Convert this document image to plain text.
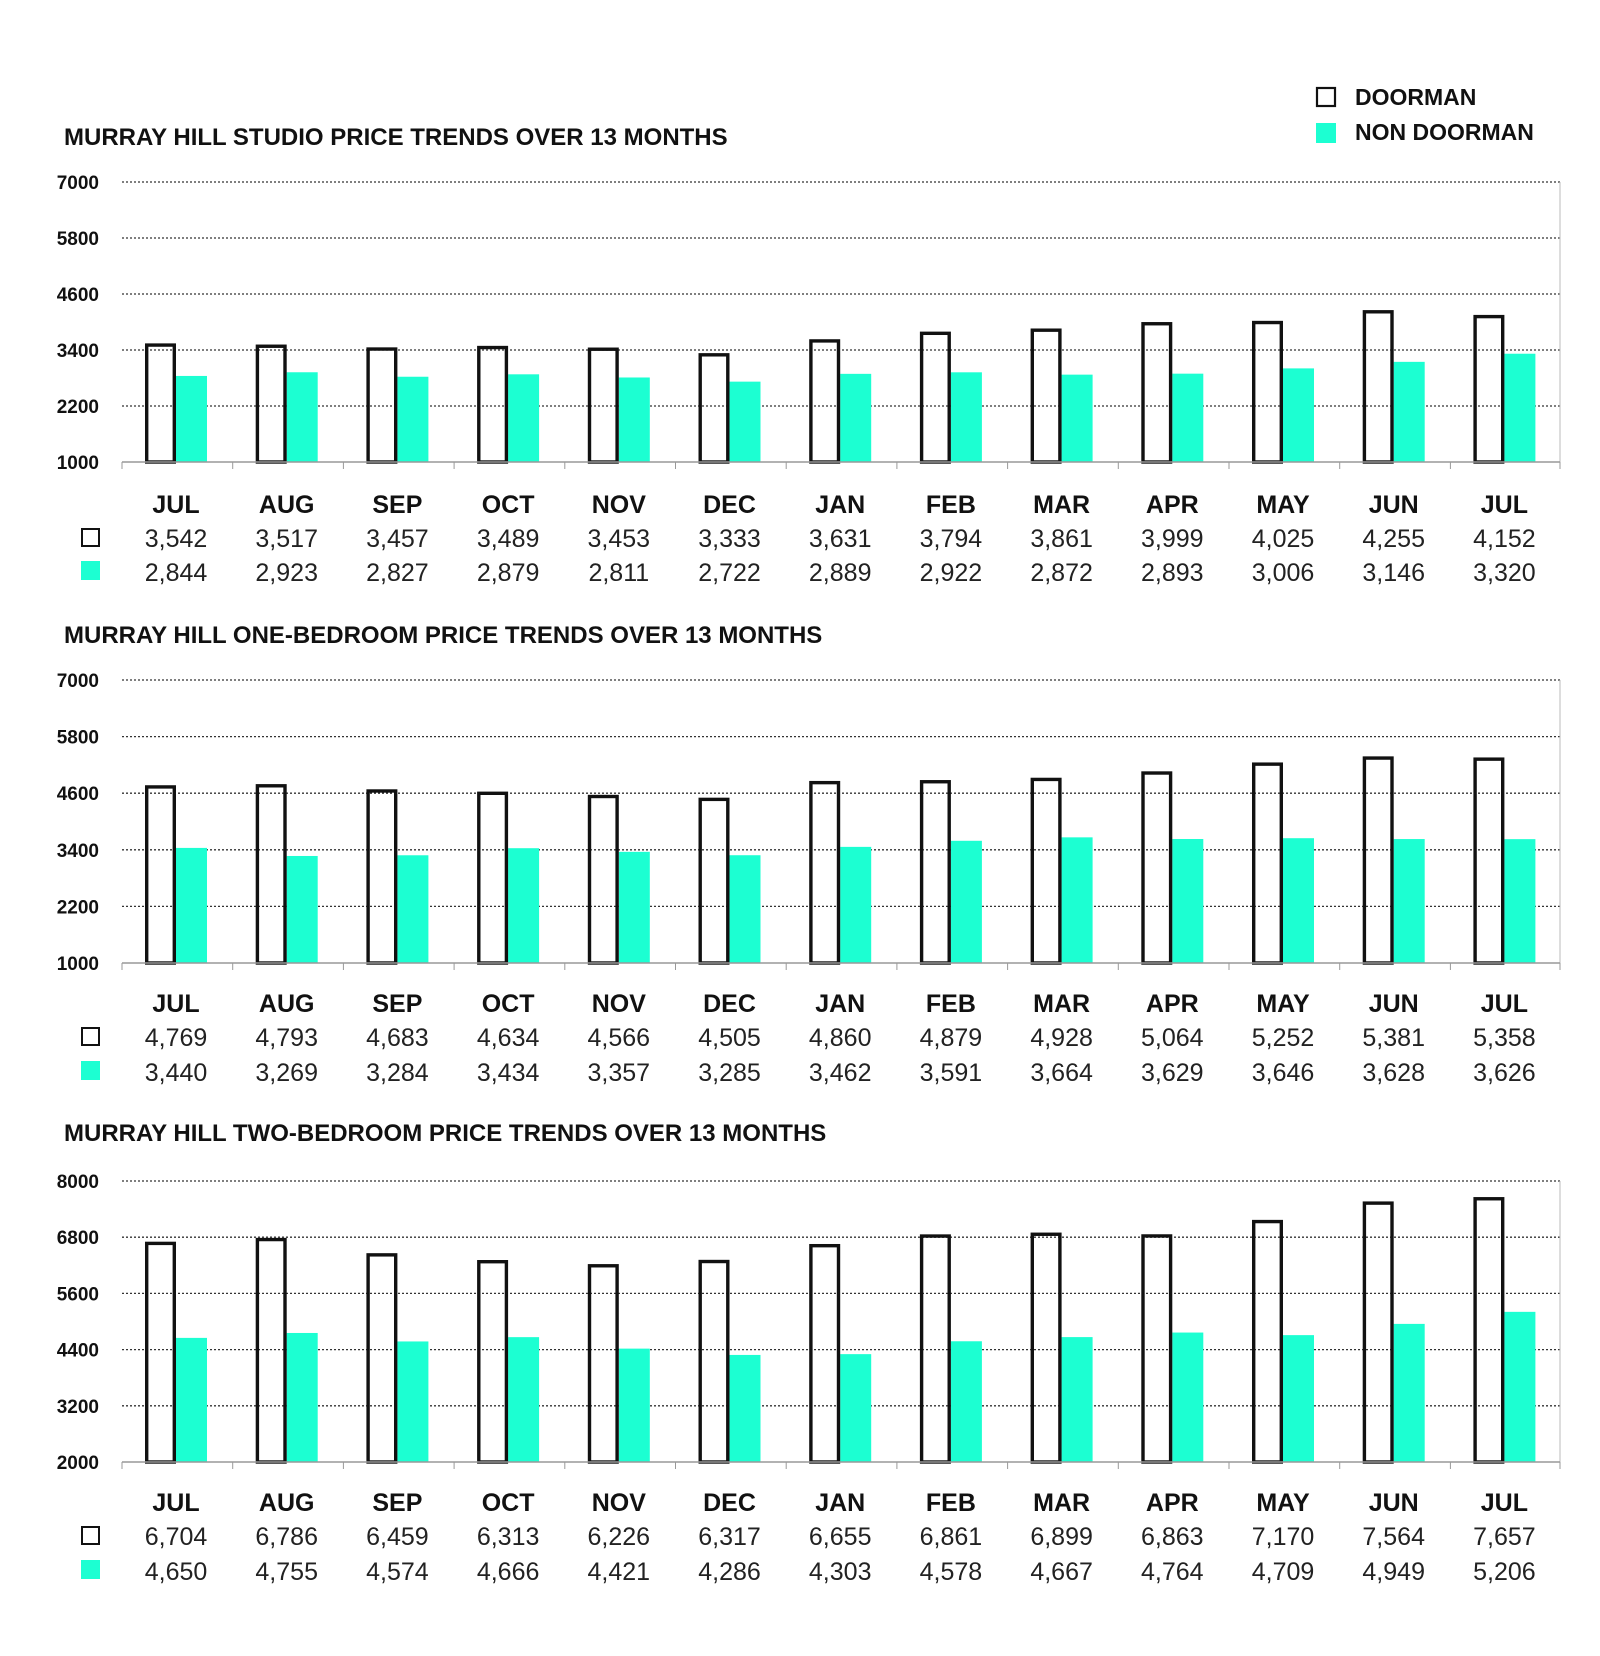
DOORMAN
NON DOORMAN
MURRAY HILL STUDIO PRICE TRENDS OVER 13 MONTHS
1000
2200
3400
4600
5800
7000
JUL
3,542
2,844
AUG
3,517
2,923
SEP
3,457
2,827
OCT
3,489
2,879
NOV
3,453
2,811
DEC
3,333
2,722
JAN
3,631
2,889
FEB
3,794
2,922
MAR
3,861
2,872
APR
3,999
2,893
MAY
4,025
3,006
JUN
4,255
3,146
JUL
4,152
3,320
MURRAY HILL ONE-BEDROOM PRICE TRENDS OVER 13 MONTHS
1000
2200
3400
4600
5800
7000
JUL
4,769
3,440
AUG
4,793
3,269
SEP
4,683
3,284
OCT
4,634
3,434
NOV
4,566
3,357
DEC
4,505
3,285
JAN
4,860
3,462
FEB
4,879
3,591
MAR
4,928
3,664
APR
5,064
3,629
MAY
5,252
3,646
JUN
5,381
3,628
JUL
5,358
3,626
MURRAY HILL TWO-BEDROOM PRICE TRENDS OVER 13 MONTHS
2000
3200
4400
5600
6800
8000
JUL
6,704
4,650
AUG
6,786
4,755
SEP
6,459
4,574
OCT
6,313
4,666
NOV
6,226
4,421
DEC
6,317
4,286
JAN
6,655
4,303
FEB
6,861
4,578
MAR
6,899
4,667
APR
6,863
4,764
MAY
7,170
4,709
JUN
7,564
4,949
JUL
7,657
5,206
